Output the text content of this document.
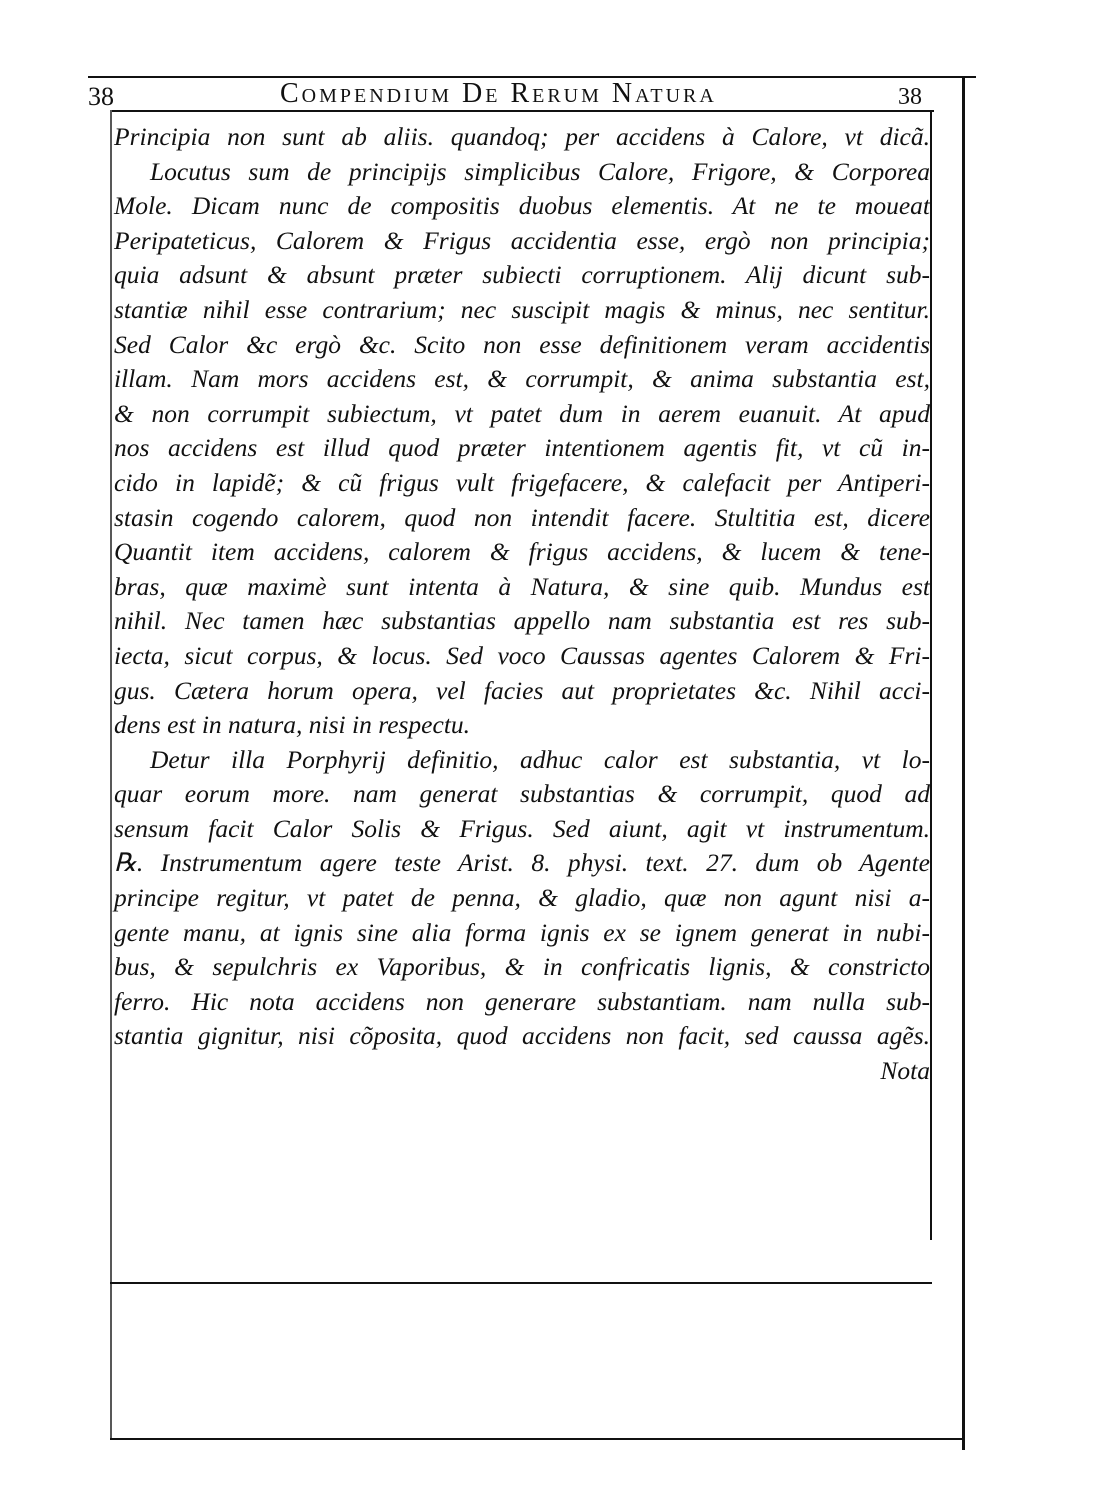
38	Compendium De Rerum Natura	38
Principia non sunt ab aliis. quandoq; per accidens à Calore, vt dicã.
Locutus sum de principijs simplicibus Calore, Frigore, & Corporea
Mole. Dicam nunc de compositis duobus elementis. At ne te moueat
Peripateticus, Calorem & Frigus accidentia esse, ergò non principia;
quia adsunt & absunt præter subiecti corruptionem. Alij dicunt sub-
stantiæ nihil esse contrarium; nec suscipit magis & minus, nec sentitur.
Sed Calor &c ergò &c. Scito non esse definitionem veram accidentis
illam. Nam mors accidens est, & corrumpit, & anima substantia est,
& non corrumpit subiectum, vt patet dum in aerem euanuit. At apud
nos accidens est illud quod præter intentionem agentis fit, vt cũ in-
cido in lapidẽ; & cũ frigus vult frigefacere, & calefacit per Antiperi-
stasin cogendo calorem, quod non intendit facere. Stultitia est, dicere
Quantit item accidens, calorem & frigus accidens, & lucem & tene-
bras, quæ maximè sunt intenta à Natura, & sine quib. Mundus est
nihil. Nec tamen hæc substantias appello nam substantia est res sub-
iecta, sicut corpus, & locus. Sed voco Caussas agentes Calorem & Fri-
gus. Cætera horum opera, vel facies aut proprietates &c. Nihil acci-
dens est in natura, nisi in respectu.
Detur illa Porphyrij definitio, adhuc calor est substantia, vt lo-
quar eorum more. nam generat substantias & corrumpit, quod ad
sensum facit Calor Solis & Frigus. Sed aiunt, agit vt instrumentum.
℞. Instrumentum agere teste Arist. 8. physi. text. 27. dum ob Agente
principe regitur, vt patet de penna, & gladio, quæ non agunt nisi a-
gente manu, at ignis sine alia forma ignis ex se ignem generat in nubi-
bus, & sepulchris ex Vaporibus, & in confricatis lignis, & constricto
ferro. Hic nota accidens non generare substantiam. nam nulla sub-
stantia gignitur, nisi cõposita, quod accidens non facit, sed caussa agẽs.
Nota
